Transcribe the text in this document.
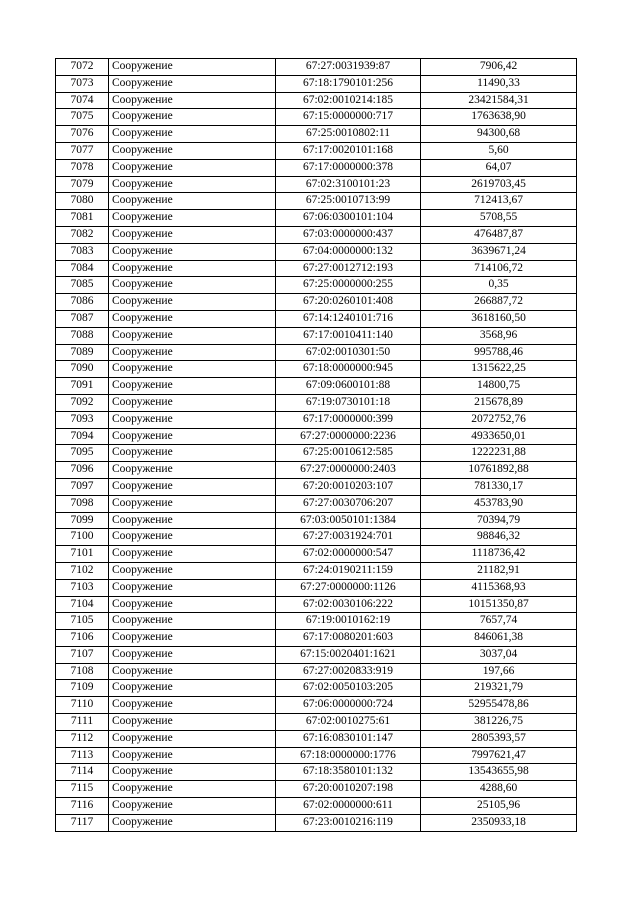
7072	Сооружение	67:27:0031939:87	7906,42
7073	Сооружение	67:18:1790101:256	11490,33
7074	Сооружение	67:02:0010214:185	23421584,31
7075	Сооружение	67:15:0000000:717	1763638,90
7076	Сооружение	67:25:0010802:11	94300,68
7077	Сооружение	67:17:0020101:168	5,60
7078	Сооружение	67:17:0000000:378	64,07
7079	Сооружение	67:02:3100101:23	2619703,45
7080	Сооружение	67:25:0010713:99	712413,67
7081	Сооружение	67:06:0300101:104	5708,55
7082	Сооружение	67:03:0000000:437	476487,87
7083	Сооружение	67:04:0000000:132	3639671,24
7084	Сооружение	67:27:0012712:193	714106,72
7085	Сооружение	67:25:0000000:255	0,35
7086	Сооружение	67:20:0260101:408	266887,72
7087	Сооружение	67:14:1240101:716	3618160,50
7088	Сооружение	67:17:0010411:140	3568,96
7089	Сооружение	67:02:0010301:50	995788,46
7090	Сооружение	67:18:0000000:945	1315622,25
7091	Сооружение	67:09:0600101:88	14800,75
7092	Сооружение	67:19:0730101:18	215678,89
7093	Сооружение	67:17:0000000:399	2072752,76
7094	Сооружение	67:27:0000000:2236	4933650,01
7095	Сооружение	67:25:0010612:585	1222231,88
7096	Сооружение	67:27:0000000:2403	10761892,88
7097	Сооружение	67:20:0010203:107	781330,17
7098	Сооружение	67:27:0030706:207	453783,90
7099	Сооружение	67:03:0050101:1384	70394,79
7100	Сооружение	67:27:0031924:701	98846,32
7101	Сооружение	67:02:0000000:547	1118736,42
7102	Сооружение	67:24:0190211:159	21182,91
7103	Сооружение	67:27:0000000:1126	4115368,93
7104	Сооружение	67:02:0030106:222	10151350,87
7105	Сооружение	67:19:0010162:19	7657,74
7106	Сооружение	67:17:0080201:603	846061,38
7107	Сооружение	67:15:0020401:1621	3037,04
7108	Сооружение	67:27:0020833:919	197,66
7109	Сооружение	67:02:0050103:205	219321,79
7110	Сооружение	67:06:0000000:724	52955478,86
7111	Сооружение	67:02:0010275:61	381226,75
7112	Сооружение	67:16:0830101:147	2805393,57
7113	Сооружение	67:18:0000000:1776	7997621,47
7114	Сооружение	67:18:3580101:132	13543655,98
7115	Сооружение	67:20:0010207:198	4288,60
7116	Сооружение	67:02:0000000:611	25105,96
7117	Сооружение	67:23:0010216:119	2350933,18
